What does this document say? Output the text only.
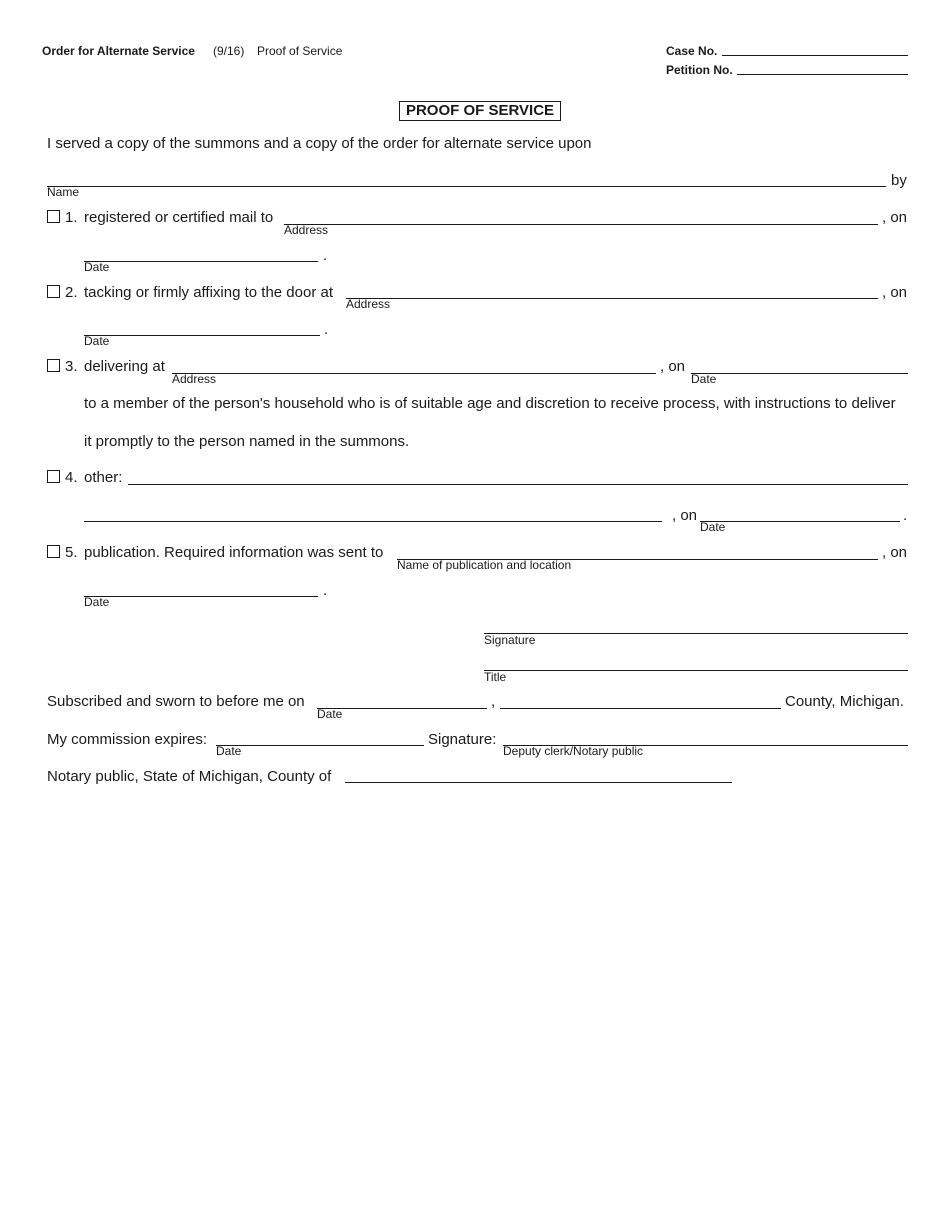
Order for Alternate Service (9/16) Proof of Service	Case No.
Petition No.
PROOF OF SERVICE
I served a copy of the summons and a copy of the order for alternate service upon
by
Name
1. registered or certified mail to
Address
, on
.
Date
2. tacking or firmly affixing to the door at
Address
, on
.
Date
3. delivering at
Address
, on
Date
to a member of the person's household who is of suitable age and discretion to receive process, with instructions to deliver
it promptly to the person named in the summons.
4. other:
, on	.
Date
5. publication. Required information was sent to
Name of publication and location
, on
.
Date
Signature
Title
Subscribed and sworn to before me on
Date
,	County, Michigan.
My commission expires:
Date
Signature:
Deputy clerk/Notary public
Notary public, State of Michigan, County of
